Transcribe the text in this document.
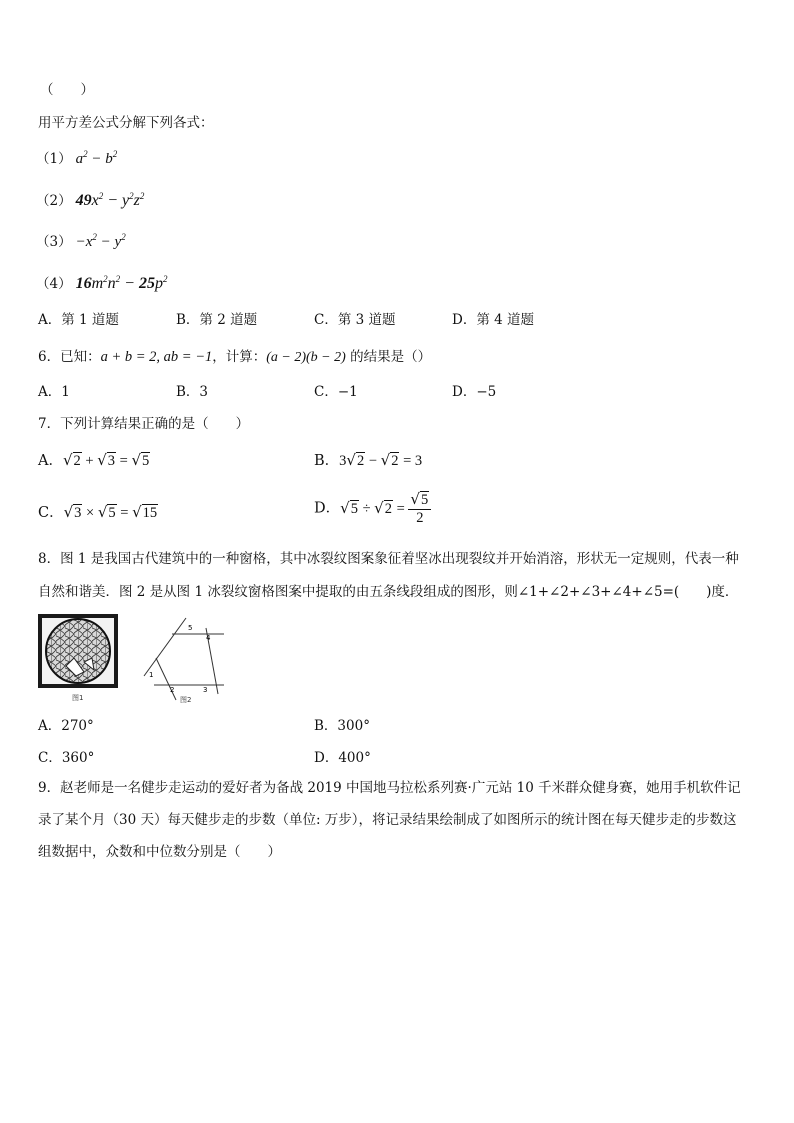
（　　）
用平方差公式分解下列各式：
（1） $a^2 - b^2$
（2） $49x^2 - y^2z^2$
$(3) -x^2 - y^2$
（4） $16m^2n^2 - 25p^2$
A．第 1 道题	B．第 2 道题	C．第 3 道题	D．第 4 道题
6．已知：a + b = 2, ab = −1，计算：(a − 2)(b − 2) 的结果是（）
A．1	B．3	C．−1	D．−5
7．下列计算结果正确的是（　　）
A．√2 + √3 = √5	B．3√2 − √2 = 3
C．√3 × √5 = √15	D．$√5 \div √2 = \frac{√5}{2}$
8．图 1 是我国古代建筑中的一种窗格，其中冰裂纹图案象征着坚冰出现裂纹并开始消溶，形状无一定规则，代表一种
自然和谐美．图 2 是从图 1 冰裂纹窗格图案中提取的由五条线段组成的图形，则∠1+∠2+∠3+∠4+∠5=(　　)度．
图1
5
4
1
2	3
图2
A．270°	B．300°
C．360°	D．400°
9．赵老师是一名健步走运动的爱好者为备战 2019 中国地马拉松系列赛·广元站 10 千米群众健身赛，她用手机软件记
录了某个月（30 天）每天健步走的步数（单位: 万步），将记录结果绘制成了如图所示的统计图在每天健步走的步数这
组数据中，众数和中位数分别是（　　）
